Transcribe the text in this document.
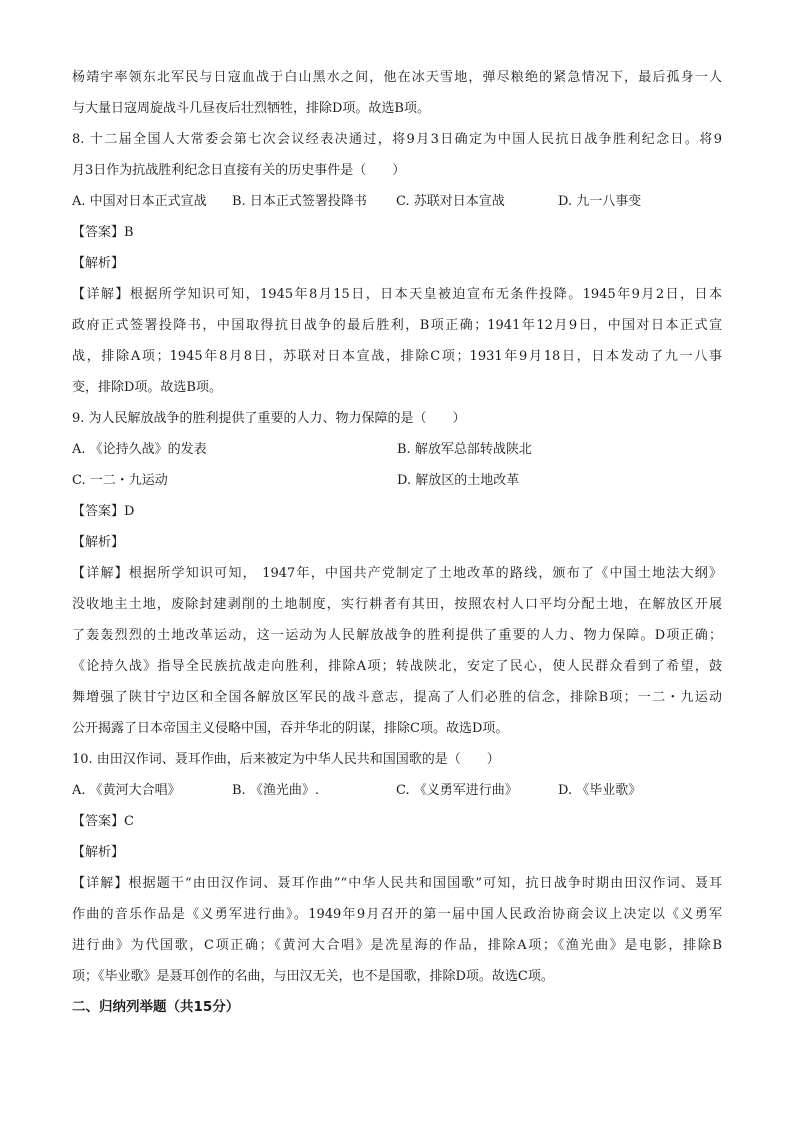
杨靖宇率领东北军民与日寇血战于白山黑水之间，他在冰天雪地，弹尽粮绝的紧急情况下，最后孤身一人
与大量日寇周旋战斗几昼夜后壮烈牺牲，排除D项。故选B项。
8. 十二届全国人大常委会第七次会议经表决通过，将9月3日确定为中国人民抗日战争胜利纪念日。将9
月3日作为抗战胜利纪念日直接有关的历史事件是（　　）
A. 中国对日本正式宣战	B. 日本正式签署投降书	C. 苏联对日本宣战	D. 九一八事变
【答案】B
【解析】
【详解】根据所学知识可知，1945年8月15日，日本天皇被迫宣布无条件投降。1945年9月2日，日本
政府正式签署投降书，中国取得抗日战争的最后胜利，B项正确；1941年12月9日，中国对日本正式宣
战，排除A项；1945年8月8日，苏联对日本宣战，排除C项；1931年9月18日，日本发动了九一八事
变，排除D项。故选B项。
9. 为人民解放战争的胜利提供了重要的人力、物力保障的是（　　）
A. 《论持久战》的发表	B. 解放军总部转战陕北
C. 一二・九运动	D. 解放区的土地改革
【答案】D
【解析】
【详解】根据所学知识可知， 1947年，中国共产党制定了土地改革的路线，颁布了《中国土地法大纲》
没收地主土地，废除封建剥削的土地制度，实行耕者有其田，按照农村人口平均分配土地，在解放区开展
了轰轰烈烈的土地改革运动，这一运动为人民解放战争的胜利提供了重要的人力、物力保障。D项正确；
《论持久战》指导全民族抗战走向胜利，排除A项；转战陕北，安定了民心，使人民群众看到了希望，鼓
舞增强了陕甘宁边区和全国各解放区军民的战斗意志，提高了人们必胜的信念，排除B项；一二・九运动
公开揭露了日本帝国主义侵略中国，吞并华北的阴谋，排除C项。故选D项。
10. 由田汉作词、聂耳作曲，后来被定为中华人民共和国国歌的是（　　）
A. 《黄河大合唱》	B. 《渔光曲》.	C. 《义勇军进行曲》	D. 《毕业歌》
【答案】C
【解析】
【详解】根据题干“由田汉作词、聂耳作曲”“中华人民共和国国歌”可知，抗日战争时期由田汉作词、聂耳
作曲的音乐作品是《义勇军进行曲》。1949年9月召开的第一届中国人民政治协商会议上决定以《义勇军
进行曲》为代国歌，C项正确；《黄河大合唱》是冼星海的作品，排除A项；《渔光曲》是电影，排除B
项；《毕业歌》是聂耳创作的名曲，与田汉无关，也不是国歌，排除D项。故选C项。
二、归纳列举题（共15分）
